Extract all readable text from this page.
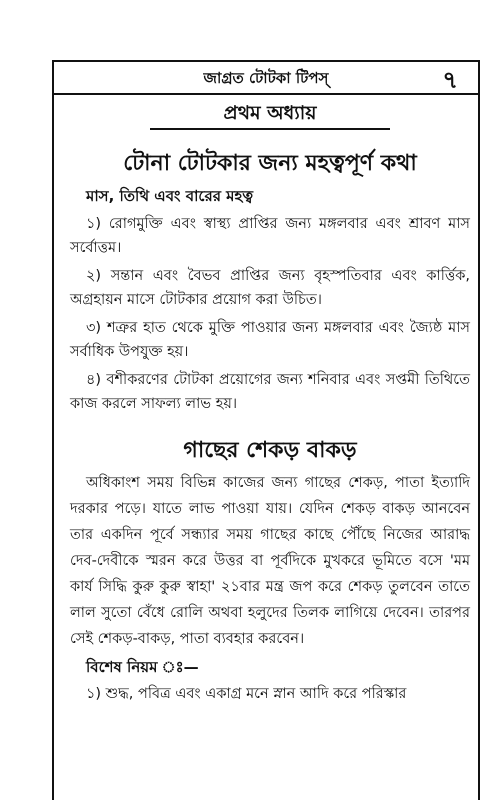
জাগ্রত টোটকা টিপস্	৭
প্রথম অধ্যায়
টোনা টোটকার জন্য মহত্বপূর্ণ কথা
মাস, তিথি এবং বারের মহত্ব

১) রোগমুক্তি এবং স্বাস্থ্য প্রাপ্তির জন্য মঙ্গলবার এবং শ্রাবণ মাস সর্বোত্তম।

২) সন্তান এবং বৈভব প্রাপ্তির জন্য বৃহস্পতিবার এবং কার্ত্তিক, অগ্রহায়ন মাসে টোটকার প্রয়োগ করা উচিত।

৩) শত্রুর হাত থেকে মুক্তি পাওয়ার জন্য মঙ্গলবার এবং জ্যৈষ্ঠ মাস সর্বাধিক উপযুক্ত হয়।

৪) বশীকরণের টোটকা প্রয়োগের জন্য শনিবার এবং সপ্তমী তিথিতে কাজ করলে সাফল্য লাভ হয়।

গাছের শেকড় বাকড়

অধিকাংশ সময় বিভিন্ন কাজের জন্য গাছের শেকড়, পাতা ইত্যাদি দরকার পড়ে। যাতে লাভ পাওয়া যায়। যেদিন শেকড় বাকড় আনবেন তার একদিন পূর্বে সন্ধ্যার সময় গাছের কাছে পৌঁছে নিজের আরাদ্ধ দেব-দেবীকে স্মরন করে উত্তর বা পূর্বদিকে মুখকরে ভূমিতে বসে 'মম কার্য সিদ্ধি কুরু কুরু স্বাহা' ২১বার মন্ত্র জপ করে শেকড় তুলবেন তাতে লাল সুতো বেঁধে রোলি অথবা হলুদের তিলক লাগিয়ে দেবেন। তারপর সেই শেকড়-বাকড়, পাতা ব্যবহার করবেন।

বিশেষ নিয়ম ঃ—

১) শুদ্ধ, পবিত্র এবং একাগ্র মনে স্নান আদি করে পরিস্কার
